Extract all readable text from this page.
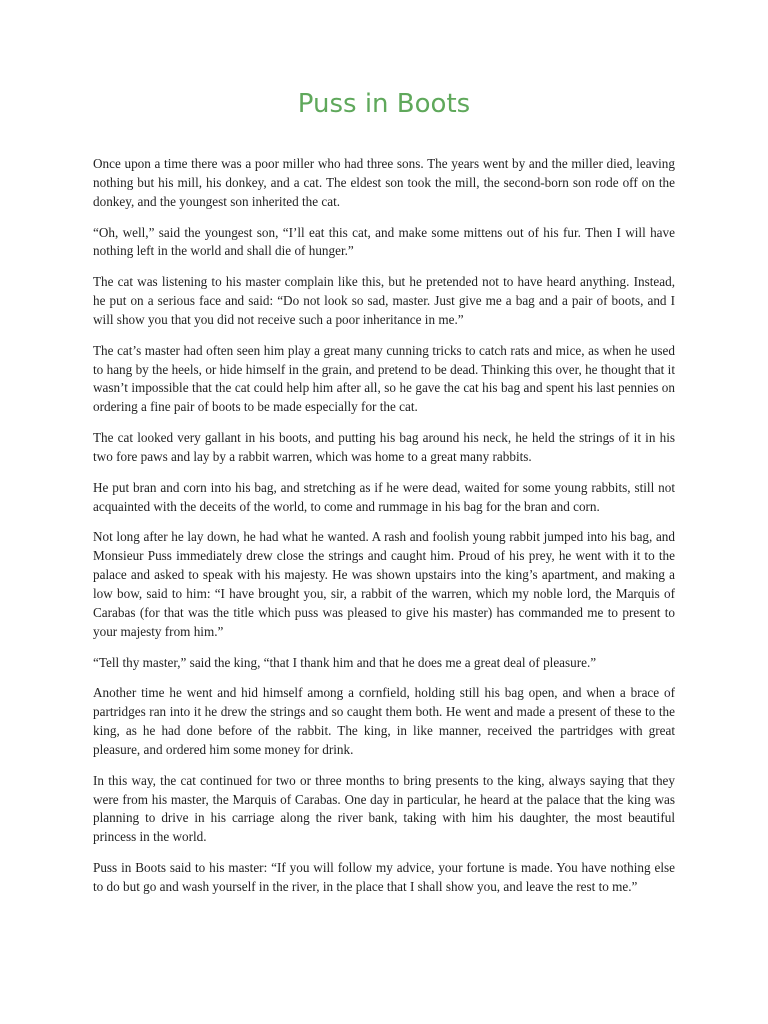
Puss in Boots

Once upon a time there was a poor miller who had three sons. The years went by and the miller died, leaving nothing but his mill, his donkey, and a cat. The eldest son took the mill, the second-born son rode off on the donkey, and the youngest son inherited the cat.

“Oh, well,” said the youngest son, “I’ll eat this cat, and make some mittens out of his fur. Then I will have nothing left in the world and shall die of hunger.”

The cat was listening to his master complain like this, but he pretended not to have heard anything. Instead, he put on a serious face and said: “Do not look so sad, master. Just give me a bag and a pair of boots, and I will show you that you did not receive such a poor inheritance in me.”

The cat’s master had often seen him play a great many cunning tricks to catch rats and mice, as when he used to hang by the heels, or hide himself in the grain, and pretend to be dead. Thinking this over, he thought that it wasn’t impossible that the cat could help him after all, so he gave the cat his bag and spent his last pennies on ordering a fine pair of boots to be made especially for the cat.

The cat looked very gallant in his boots, and putting his bag around his neck, he held the strings of it in his two fore paws and lay by a rabbit warren, which was home to a great many rabbits.

He put bran and corn into his bag, and stretching as if he were dead, waited for some young rabbits, still not acquainted with the deceits of the world, to come and rummage in his bag for the bran and corn.

Not long after he lay down, he had what he wanted. A rash and foolish young rabbit jumped into his bag, and Monsieur Puss immediately drew close the strings and caught him. Proud of his prey, he went with it to the palace and asked to speak with his majesty. He was shown upstairs into the king’s apartment, and making a low bow, said to him: “I have brought you, sir, a rabbit of the warren, which my noble lord, the Marquis of Carabas (for that was the title which puss was pleased to give his master) has commanded me to present to your majesty from him.”

“Tell thy master,” said the king, “that I thank him and that he does me a great deal of pleasure.”

Another time he went and hid himself among a cornfield, holding still his bag open, and when a brace of partridges ran into it he drew the strings and so caught them both. He went and made a present of these to the king, as he had done before of the rabbit. The king, in like manner, received the partridges with great pleasure, and ordered him some money for drink.

In this way, the cat continued for two or three months to bring presents to the king, always saying that they were from his master, the Marquis of Carabas. One day in particular, he heard at the palace that the king was planning to drive in his carriage along the river bank, taking with him his daughter, the most beautiful princess in the world.

Puss in Boots said to his master: “If you will follow my advice, your fortune is made. You have nothing else to do but go and wash yourself in the river, in the place that I shall show you, and leave the rest to me.”
